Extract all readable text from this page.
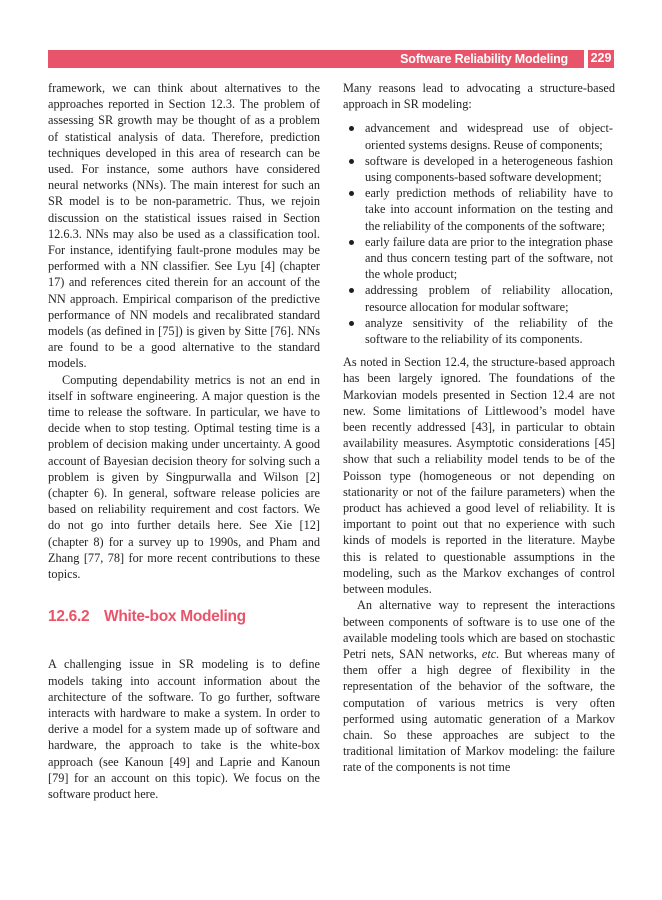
Software Reliability Modeling 229

framework, we can think about alternatives to the approaches reported in Section 12.3. The problem of assessing SR growth may be thought of as a problem of statistical analysis of data. Therefore, prediction techniques developed in this area of research can be used. For instance, some authors have considered neural networks (NNs). The main interest for such an SR model is to be non-parametric. Thus, we rejoin discussion on the statistical issues raised in Section 12.6.3. NNs may also be used as a classification tool. For instance, identifying fault-prone modules may be performed with a NN classifier. See Lyu [4] (chapter 17) and references cited therein for an account of the NN approach. Empirical comparison of the predictive performance of NN models and recalibrated standard models (as defined in [75]) is given by Sitte [76]. NNs are found to be a good alternative to the standard models.

Computing dependability metrics is not an end in itself in software engineering. A major question is the time to release the software. In particular, we have to decide when to stop testing. Optimal testing time is a problem of decision making under uncertainty. A good account of Bayesian decision theory for solving such a problem is given by Singpurwalla and Wilson [2] (chapter 6). In general, software release policies are based on reliability requirement and cost factors. We do not go into further details here. See Xie [12] (chapter 8) for a survey up to 1990s, and Pham and Zhang [77, 78] for more recent contributions to these topics.

12.6.2 White-box Modeling

A challenging issue in SR modeling is to define models taking into account information about the architecture of the software. To go further, software interacts with hardware to make a system. In order to derive a model for a system made up of software and hardware, the approach to take is the white-box approach (see Kanoun [49] and Laprie and Kanoun [79] for an account on this topic). We focus on the software product here.

Many reasons lead to advocating a structure-based approach in SR modeling:

advancement and widespread use of object-oriented systems designs. Reuse of components;
software is developed in a heterogeneous fashion using components-based software development;
early prediction methods of reliability have to take into account information on the testing and the reliability of the components of the software;
early failure data are prior to the integration phase and thus concern testing part of the software, not the whole product;
addressing problem of reliability allocation, resource allocation for modular software;
analyze sensitivity of the reliability of the software to the reliability of its components.

As noted in Section 12.4, the structure-based approach has been largely ignored. The foundations of the Markovian models presented in Section 12.4 are not new. Some limitations of Littlewood’s model have been recently addressed [43], in particular to obtain availability measures. Asymptotic considerations [45] show that such a reliability model tends to be of the Poisson type (homogeneous or not depending on stationarity or not of the failure parameters) when the product has achieved a good level of reliability. It is important to point out that no experience with such kinds of models is reported in the literature. Maybe this is related to questionable assumptions in the modeling, such as the Markov exchanges of control between modules.

An alternative way to represent the interactions between components of software is to use one of the available modeling tools which are based on stochastic Petri nets, SAN networks, etc. But whereas many of them offer a high degree of flexibility in the representation of the behavior of the software, the computation of various metrics is very often performed using automatic generation of a Markov chain. So these approaches are subject to the traditional limitation of Markov modeling: the failure rate of the components is not time
